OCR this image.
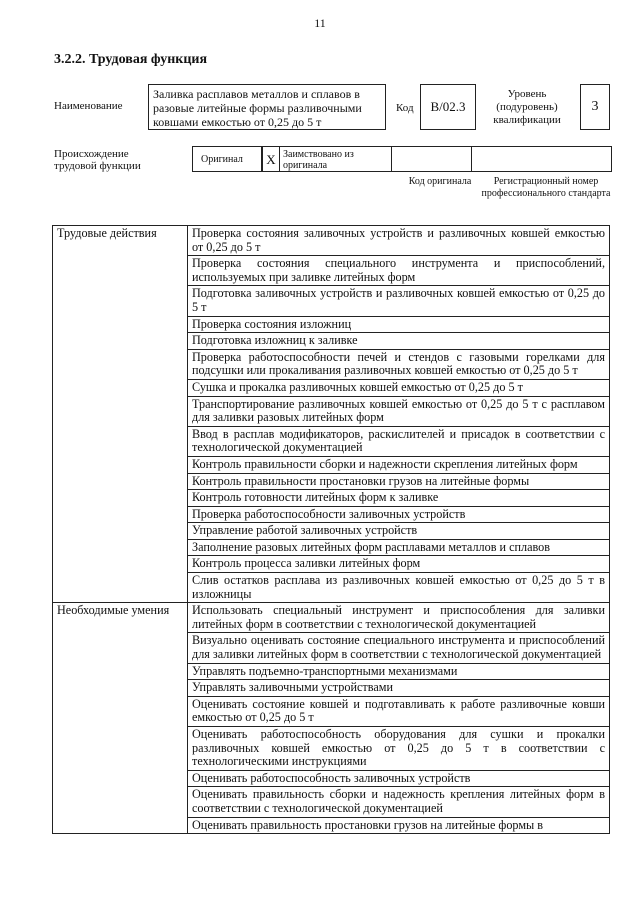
11
3.2.2. Трудовая функция
Наименование
Заливка расплавов металлов и сплавов в разовые литейные формы разливочными ковшами емкостью от 0,25 до 5 т
Код	B/02.3
Уровень (подуровень) квалификации
3
Происхождение трудовой функции
Оригинал	X Заимствовано из оригинала
Код оригинала	Регистрационный номер профессионального стандарта
Трудовые действия	Проверка состояния заливочных устройств и разливочных ковшей емкостью от 0,25 до 5 т
	Проверка состояния специального инструмента и приспособлений, используемых при заливке литейных форм
	Подготовка заливочных устройств и разливочных ковшей емкостью от 0,25 до 5 т
	Проверка состояния изложниц
	Подготовка изложниц к заливке
	Проверка работоспособности печей и стендов с газовыми горелками для подсушки или прокаливания разливочных ковшей емкостью от 0,25 до 5 т
	Сушка и прокалка разливочных ковшей емкостью от 0,25 до 5 т
	Транспортирование разливочных ковшей емкостью от 0,25 до 5 т с расплавом для заливки разовых литейных форм
	Ввод в расплав модификаторов, раскислителей и присадок в соответствии с технологической документацией
	Контроль правильности сборки и надежности скрепления литейных форм
	Контроль правильности простановки грузов на литейные формы
	Контроль готовности литейных форм к заливке
	Проверка работоспособности заливочных устройств
	Управление работой заливочных устройств
	Заполнение разовых литейных форм расплавами металлов и сплавов
	Контроль процесса заливки литейных форм
	Слив остатков расплава из разливочных ковшей емкостью от 0,25 до 5 т в изложницы
Необходимые умения	Использовать специальный инструмент и приспособления для заливки литейных форм в соответствии с технологической документацией
	Визуально оценивать состояние специального инструмента и приспособлений для заливки литейных форм в соответствии с технологической документацией
	Управлять подъемно-транспортными механизмами
	Управлять заливочными устройствами
	Оценивать состояние ковшей и подготавливать к работе разливочные ковши емкостью от 0,25 до 5 т
	Оценивать работоспособность оборудования для сушки и прокалки разливочных ковшей емкостью от 0,25 до 5 т в соответствии с технологическими инструкциями
	Оценивать работоспособность заливочных устройств
	Оценивать правильность сборки и надежность крепления литейных форм в соответствии с технологической документацией
	Оценивать правильность простановки грузов на литейные формы в
